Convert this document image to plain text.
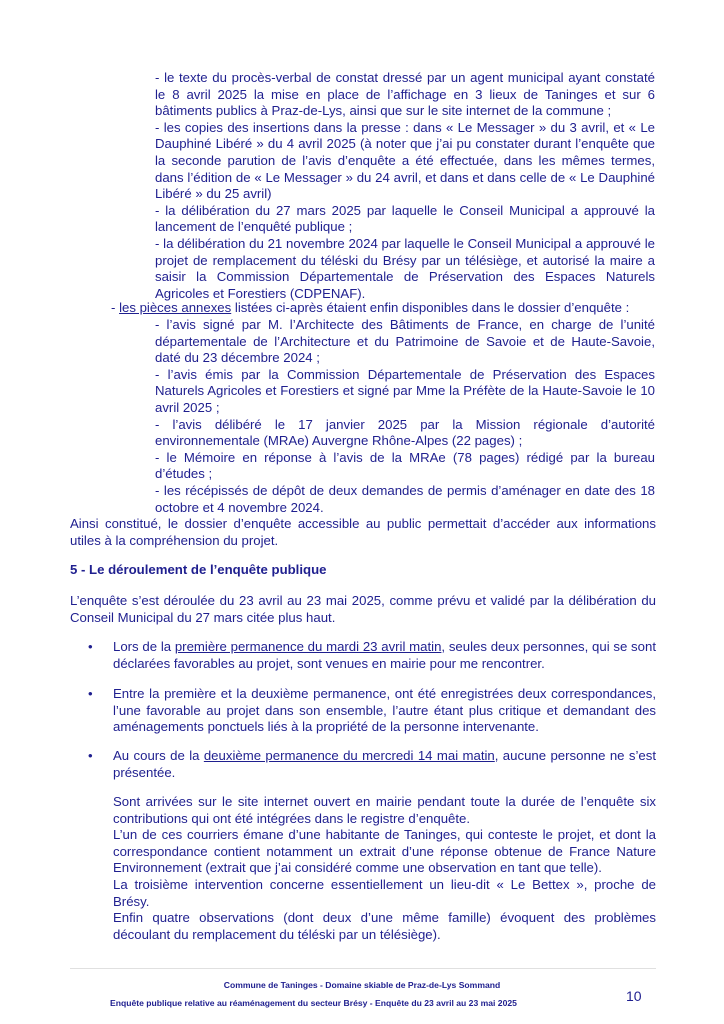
- le texte du procès-verbal de constat dressé par un agent municipal ayant constaté le 8 avril 2025 la mise en place de l’affichage en 3 lieux de Taninges et sur 6 bâtiments publics à Praz-de-Lys, ainsi que sur le site internet de la commune ;

- les copies des insertions dans la presse : dans « Le Messager » du 3 avril, et « Le Dauphiné Libéré » du 4 avril 2025 (à noter que j’ai pu constater durant l’enquête que la seconde parution de l’avis d’enquête a été effectuée, dans les mêmes termes, dans l’édition de « Le Messager » du 24 avril, et dans et dans celle de « Le Dauphiné Libéré » du 25 avril)

- la délibération du 27 mars 2025 par laquelle le Conseil Municipal a approuvé la lancement de l’enquêté publique ;

- la délibération du 21 novembre 2024 par laquelle le Conseil Municipal a approuvé le projet de remplacement du téléski du Brésy par un télésiège, et autorisé la maire a saisir la Commission Départementale de Préservation des Espaces Naturels Agricoles et Forestiers (CDPENAF).

- les pièces annexes listées ci-après étaient enfin disponibles dans le dossier d’enquête :

- l’avis signé par M. l’Architecte des Bâtiments de France, en charge de l’unité départementale de l’Architecture et du Patrimoine de Savoie et de Haute-Savoie, daté du 23 décembre 2024 ;

- l’avis émis par la Commission Départementale de Préservation des Espaces Naturels Agricoles et Forestiers et signé par Mme la Préfète de la Haute-Savoie le 10 avril 2025 ;

- l’avis délibéré le 17 janvier 2025 par la Mission régionale d’autorité environnementale (MRAe) Auvergne Rhône-Alpes (22 pages) ;

- le Mémoire en réponse à l’avis de la MRAe (78 pages) rédigé par la bureau d’études ;

- les récépissés de dépôt de deux demandes de permis d’aménager en date des 18 octobre et 4 novembre 2024.

Ainsi constitué, le dossier d’enquête accessible au public permettait d’accéder aux informations utiles à la compréhension du projet.

5 - Le déroulement de l’enquête publique

L’enquête s’est déroulée du 23 avril au 23 mai 2025, comme prévu et validé par la délibération du Conseil Municipal du 27 mars citée plus haut.

•	Lors de la première permanence du mardi 23 avril matin, seules deux personnes, qui se sont déclarées favorables au projet, sont venues en mairie pour me rencontrer.

•	Entre la première et la deuxième permanence, ont été enregistrées deux correspondances, l’une favorable au projet dans son ensemble, l’autre étant plus critique et demandant des aménagements ponctuels liés à la propriété de la personne intervenante.

•	Au cours de la deuxième permanence du mercredi 14 mai matin, aucune personne ne s’est présentée.

Sont arrivées sur le site internet ouvert en mairie pendant toute la durée de l’enquête six contributions qui ont été intégrées dans le registre d’enquête.

L’un de ces courriers émane d’une habitante de Taninges, qui conteste le projet, et dont la correspondance contient notamment un extrait d’une réponse obtenue de France Nature Environnement (extrait que j’ai considéré comme une observation en tant que telle).

La troisième intervention concerne essentiellement un lieu-dit « Le Bettex », proche de Brésy.

Enfin quatre observations (dont deux d’une même famille) évoquent des problèmes découlant du remplacement du téléski par un télésiège).

Commune de Taninges - Domaine skiable de Praz-de-Lys Sommand
Enquête publique relative au réaménagement du secteur Brésy - Enquête du 23 avril au 23 mai 2025	10
